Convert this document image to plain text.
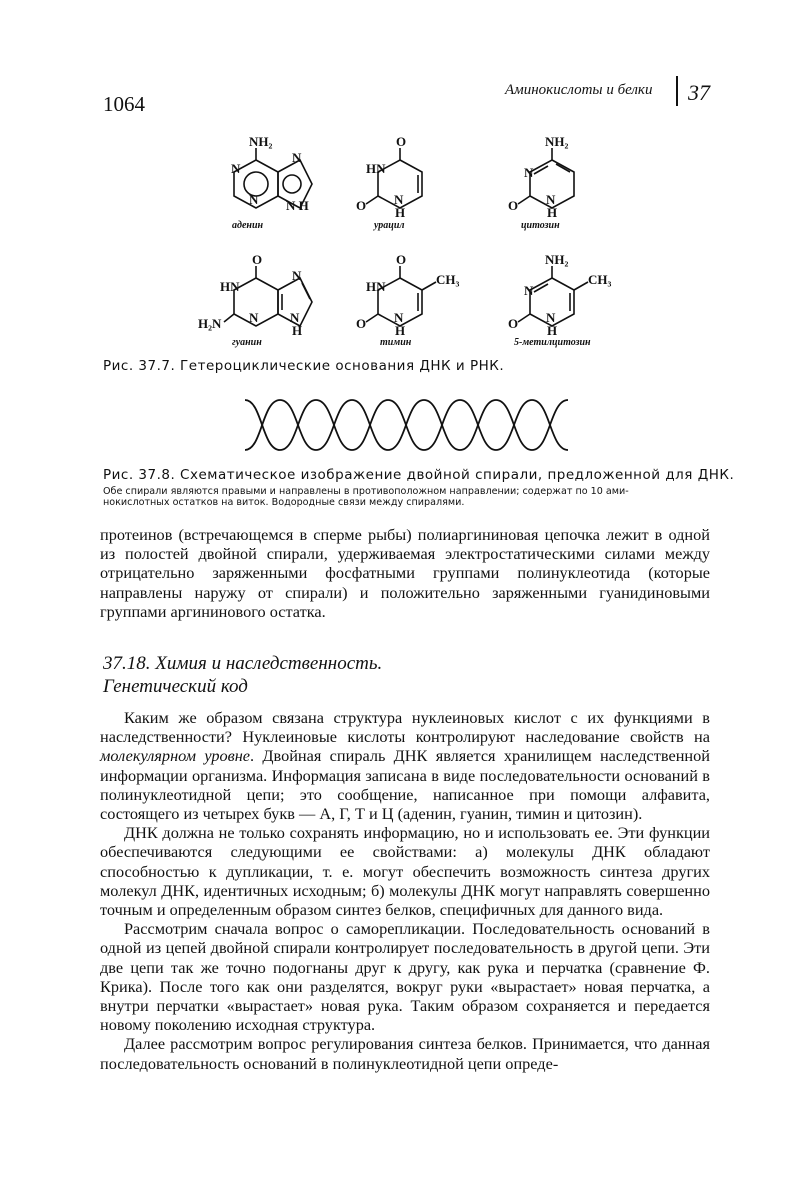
1064
Аминокислоты и белки 37
NH₂
N
N
N N H
аденин
O
HN
O N
H
урацил
NH₂
N
O N
H
цитозин
O
HN
H₂N N
N
N
H
гуанин
O
HN	CH₃
O N
H
тимин
NH₂
CH₃
N
O N
H
5-метилцитозин
Рис. 37.7. Гетероциклические основания ДНК и РНК.
Рис. 37.8. Схематическое изображение двойной спирали, предложенной для ДНК.
Обе спирали являются правыми и направлены в противоположном направлении; содержат по 10 ами-
нокислотных остатков на виток. Водородные связи между спиралями.

протеинов (встречающемся в сперме рыбы) полиаргининовая цепочка лежит в одной из полостей двойной спирали, удерживаемая электростатическими силами между отрицательно заряженными фосфатными группами полинуклеотида (которые направлены наружу от спирали) и положительно заряженными гуанидиновыми группами аргининового остатка.

37.18. Химия и наследственность.
Генетический код

Каким же образом связана структура нуклеиновых кислот с их функциями в наследственности? Нуклеиновые кислоты контролируют наследование свойств на молекулярном уровне. Двойная спираль ДНК является хранилищем наследственной информации организма. Информация записана в виде последовательности оснований в полинуклеотидной цепи; это сообщение, написанное при помощи алфавита, состоящего из четырех букв — А, Г, Т и Ц (аденин, гуанин, тимин и цитозин).

ДНК должна не только сохранять информацию, но и использовать ее. Эти функции обеспечиваются следующими ее свойствами: а) молекулы ДНК обладают способностью к дупликации, т. е. могут обеспечить возможность синтеза других молекул ДНК, идентичных исходным; б) молекулы ДНК могут направлять совершенно точным и определенным образом синтез белков, специфичных для данного вида.

Рассмотрим сначала вопрос о саморепликации. Последовательность оснований в одной из цепей двойной спирали контролирует последовательность в другой цепи. Эти две цепи так же точно подогнаны друг к другу, как рука и перчатка (сравнение Ф. Крика). После того как они разделятся, вокруг руки «вырастает» новая перчатка, а внутри перчатки «вырастает» новая рука. Таким образом сохраняется и передается новому поколению исходная структура.

Далее рассмотрим вопрос регулирования синтеза белков. Принимается, что данная последовательность оснований в полинуклеотидной цепи опреде-
